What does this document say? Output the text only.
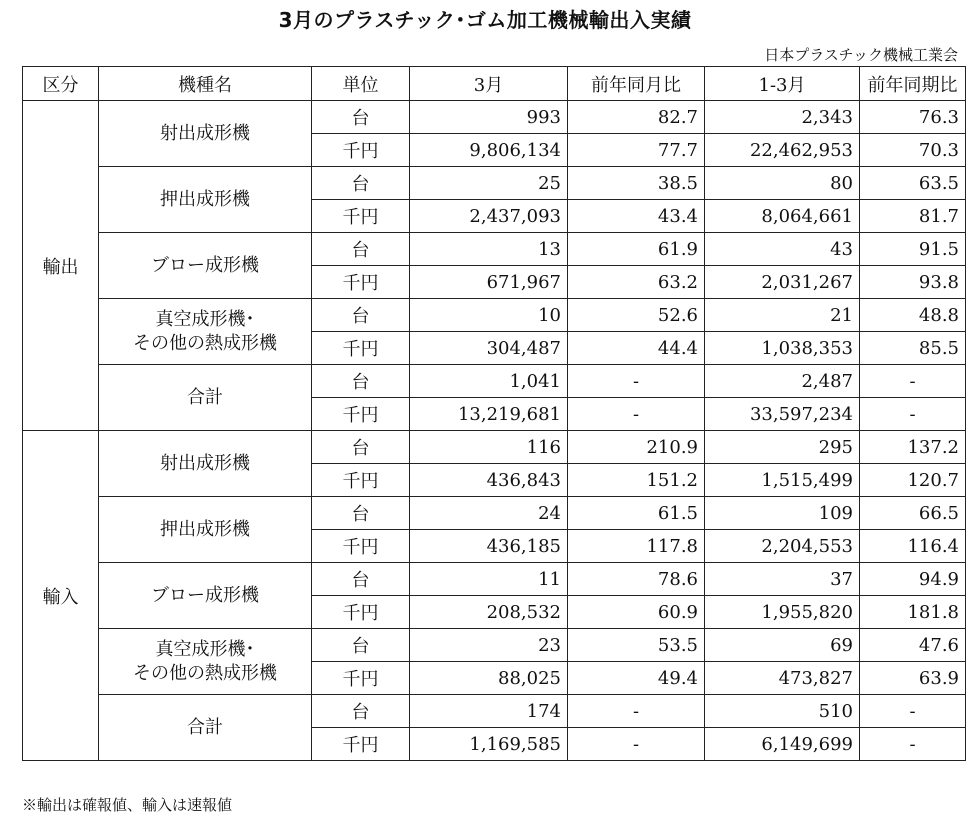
3月のプラスチック･ゴム加工機械輸出入実績
日本プラスチック機械工業会
区分	機種名	単位	3月	前年同月比	1-3月	前年同期比
輸出	射出成形機	台	993	82.7	2,343	76.3
		千円	9,806,134	77.7	22,462,953	70.3

	押出成形機	台	25	38.5	80	63.5
		千円	2,437,093	43.4	8,064,661	81.7

	ブロー成形機	台	13	61.9	43	91.5
		千円	671,967	63.2	2,031,267	93.8

	真空成形機･
その他の熱成形機	台	10	52.6	21	48.8
		千円	304,487	44.4	1,038,353	85.5

	合計	台	1,041	-	2,487	-
		千円	13,219,681	-	33,597,234	-
輸入	射出成形機	台	116	210.9	295	137.2
		千円	436,843	151.2	1,515,499	120.7

	押出成形機	台	24	61.5	109	66.5
		千円	436,185	117.8	2,204,553	116.4

	ブロー成形機	台	11	78.6	37	94.9
		千円	208,532	60.9	1,955,820	181.8

	真空成形機･
その他の熱成形機	台	23	53.5	69	47.6
		千円	88,025	49.4	473,827	63.9

	合計	台	174	-	510	-
		千円	1,169,585	-	6,149,699	-
※輸出は確報値、輸入は速報値
